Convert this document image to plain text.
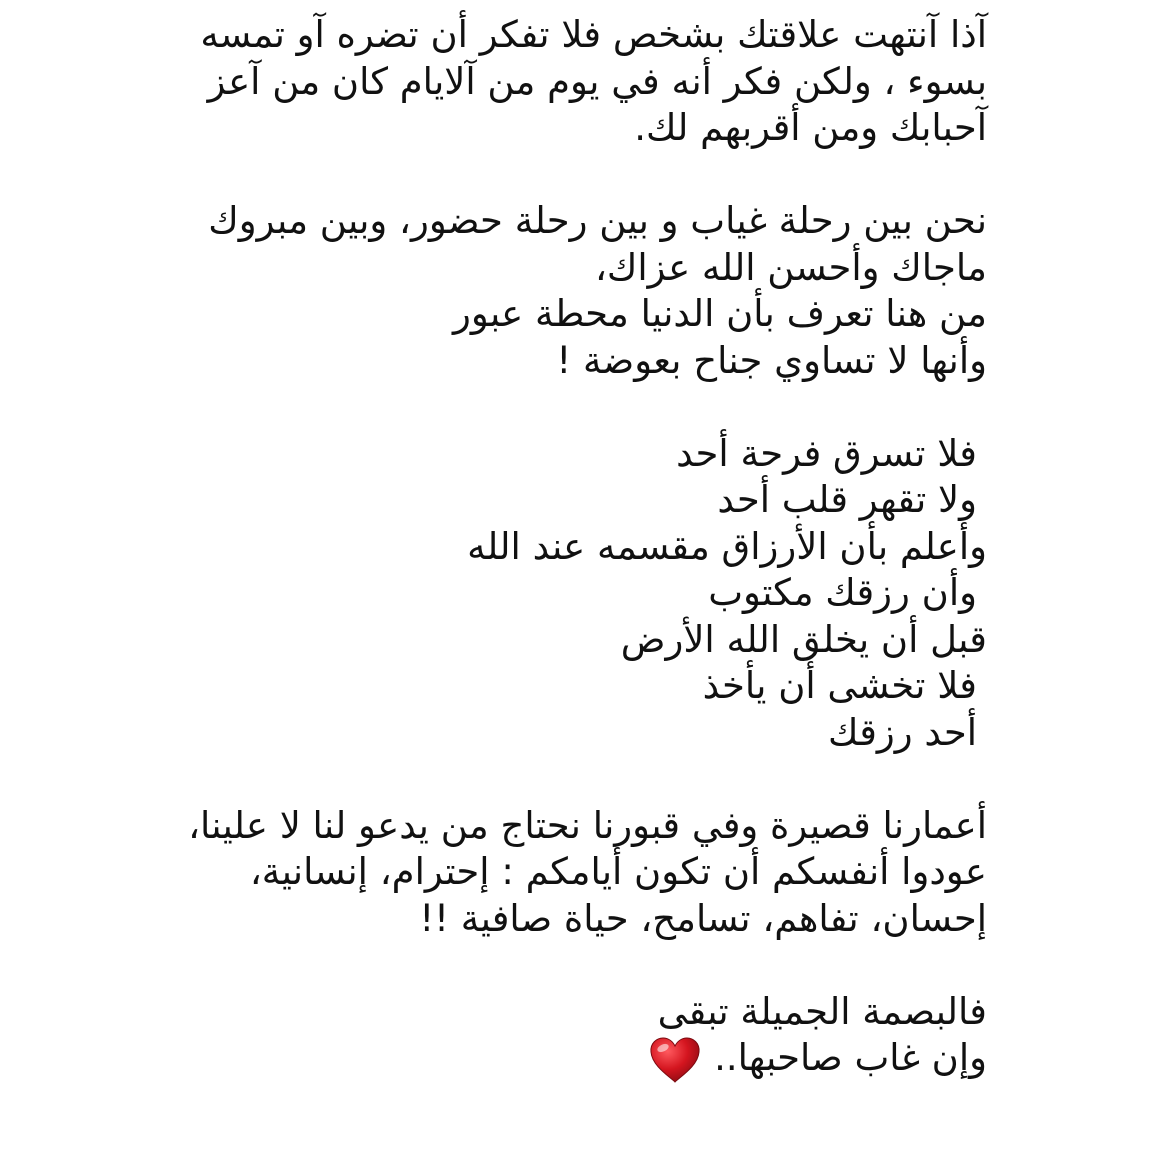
آذا آنتهت علاقتك بشخص فلا تفكر أن تضره آو تمسه
بسوء ، ولكن فكر أنه في يوم من آلايام كان من آعز
آحبابك ومن أقربهم لك.
نحن بين رحلة غياب و بين رحلة حضور، وبين مبروك
ماجاك وأحسن الله عزاك،
من هنا تعرف بأن الدنيا محطة عبور
وأنها لا تساوي جناح بعوضة !
فلا تسرق فرحة أحد
ولا تقهر قلب أحد
وأعلم بأن الأرزاق مقسمه عند الله
وأن رزقك مكتوب
قبل أن يخلق الله الأرض
فلا تخشى أن يأخذ
أحد رزقك
أعمارنا قصيرة وفي قبورنا نحتاج من يدعو لنا لا علينا،
عودوا أنفسكم أن تكون أيامكم : إحترام، إنسانية،
إحسان، تفاهم، تسامح، حياة صافية !!
فالبصمة الجميلة تبقى
وإن غاب صاحبها..
